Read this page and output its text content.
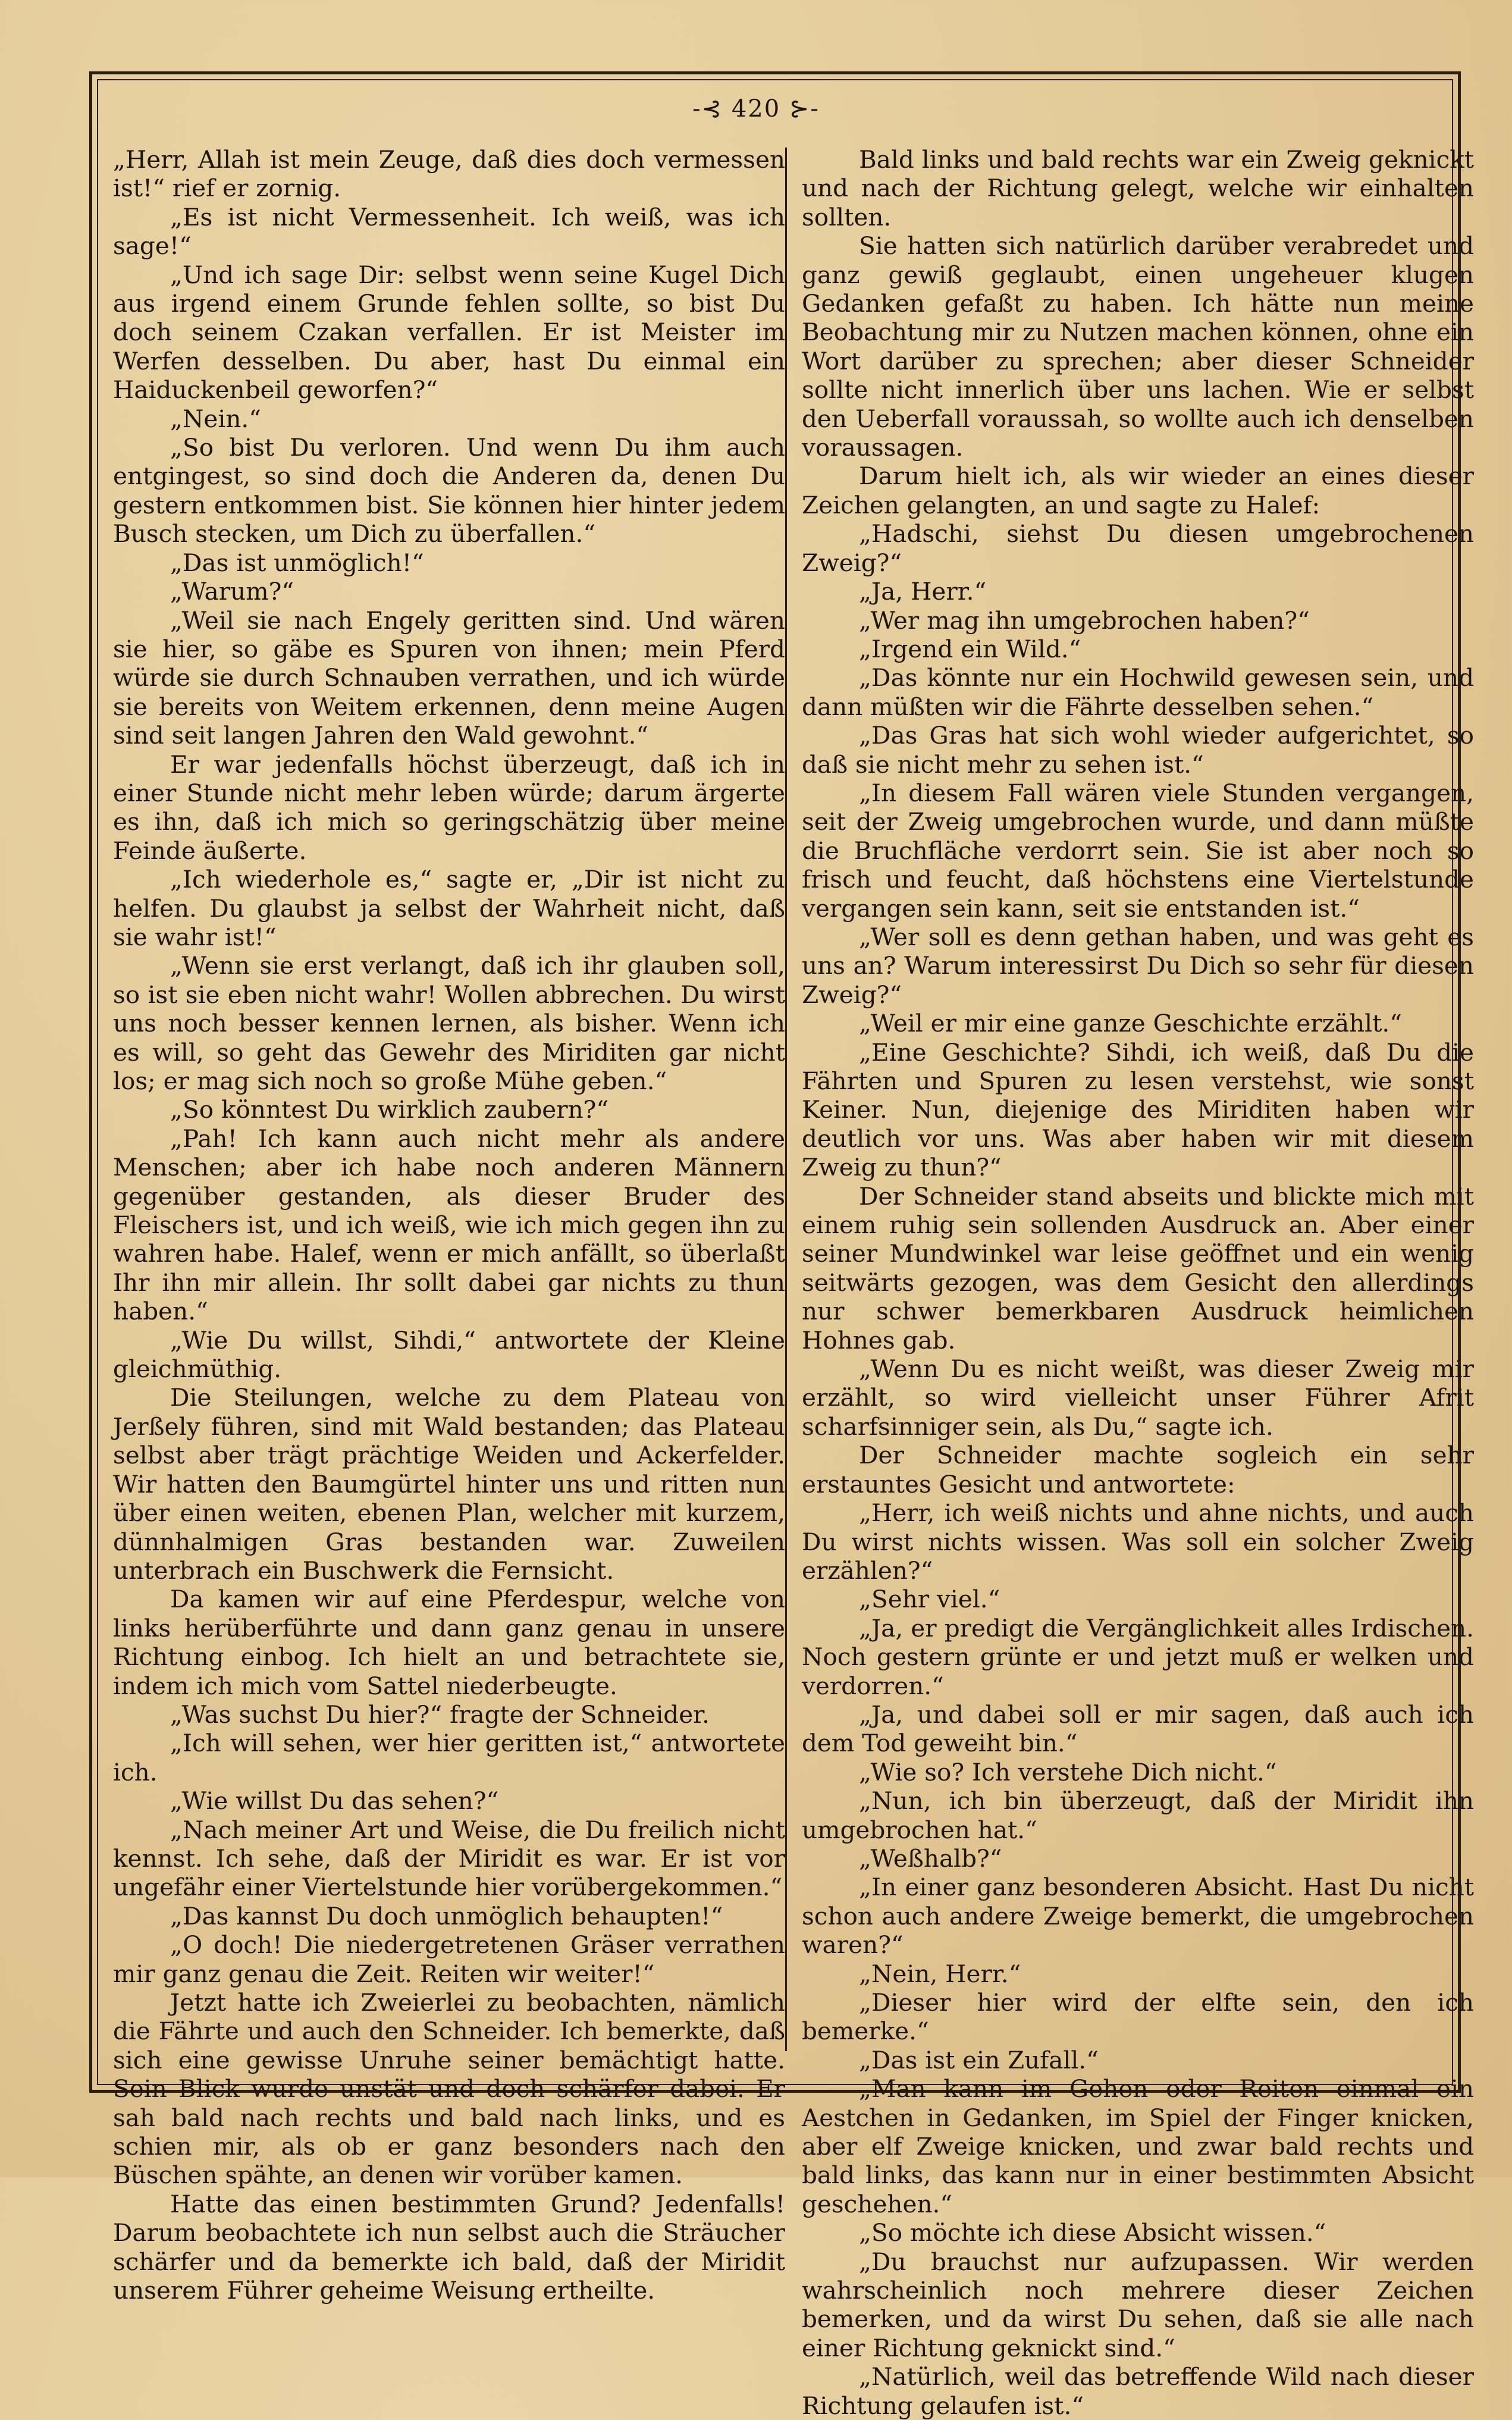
-⊰ 420 ⊱-

„Herr, Allah ist mein Zeuge, daß dies doch vermessen ist!“ rief er zornig.

„Es ist nicht Vermessenheit. Ich weiß, was ich sage!“

„Und ich sage Dir: selbst wenn seine Kugel Dich aus irgend einem Grunde fehlen sollte, so bist Du doch seinem Czakan verfallen. Er ist Meister im Werfen desselben. Du aber, hast Du einmal ein Haiduckenbeil geworfen?“

„Nein.“

„So bist Du verloren. Und wenn Du ihm auch entgingest, so sind doch die Anderen da, denen Du gestern entkommen bist. Sie können hier hinter jedem Busch stecken, um Dich zu überfallen.“

„Das ist unmöglich!“

„Warum?“

„Weil sie nach Engely geritten sind. Und wären sie hier, so gäbe es Spuren von ihnen; mein Pferd würde sie durch Schnauben verrathen, und ich würde sie bereits von Weitem erkennen, denn meine Augen sind seit langen Jahren den Wald gewohnt.“

Er war jedenfalls höchst überzeugt, daß ich in einer Stunde nicht mehr leben würde; darum ärgerte es ihn, daß ich mich so geringschätzig über meine Feinde äußerte.

„Ich wiederhole es,“ sagte er, „Dir ist nicht zu helfen. Du glaubst ja selbst der Wahrheit nicht, daß sie wahr ist!“

„Wenn sie erst verlangt, daß ich ihr glauben soll, so ist sie eben nicht wahr! Wollen abbrechen. Du wirst uns noch besser kennen lernen, als bisher. Wenn ich es will, so geht das Gewehr des Miriditen gar nicht los; er mag sich noch so große Mühe geben.“

„So könntest Du wirklich zaubern?“

„Pah! Ich kann auch nicht mehr als andere Menschen; aber ich habe noch anderen Männern gegenüber gestanden, als dieser Bruder des Fleischers ist, und ich weiß, wie ich mich gegen ihn zu wahren habe. Halef, wenn er mich anfällt, so überlaßt Ihr ihn mir allein. Ihr sollt dabei gar nichts zu thun haben.“

„Wie Du willst, Sihdi,“ antwortete der Kleine gleichmüthig.

Die Steilungen, welche zu dem Plateau von Jerßely führen, sind mit Wald bestanden; das Plateau selbst aber trägt prächtige Weiden und Ackerfelder. Wir hatten den Baumgürtel hinter uns und ritten nun über einen weiten, ebenen Plan, welcher mit kurzem, dünnhalmigen Gras bestanden war. Zuweilen unterbrach ein Buschwerk die Fernsicht.

Da kamen wir auf eine Pferdespur, welche von links herüberführte und dann ganz genau in unsere Richtung einbog. Ich hielt an und betrachtete sie, indem ich mich vom Sattel niederbeugte.

„Was suchst Du hier?“ fragte der Schneider.

„Ich will sehen, wer hier geritten ist,“ antwortete ich.

„Wie willst Du das sehen?“

„Nach meiner Art und Weise, die Du freilich nicht kennst. Ich sehe, daß der Miridit es war. Er ist vor ungefähr einer Viertelstunde hier vorübergekommen.“

„Das kannst Du doch unmöglich behaupten!“

„O doch! Die niedergetretenen Gräser verrathen mir ganz genau die Zeit. Reiten wir weiter!“

Jetzt hatte ich Zweierlei zu beobachten, nämlich die Fährte und auch den Schneider. Ich bemerkte, daß sich eine gewisse Unruhe seiner bemächtigt hatte. Sein Blick wurde unstät und doch schärfer dabei. Er sah bald nach rechts und bald nach links, und es schien mir, als ob er ganz besonders nach den Büschen spähte, an denen wir vorüber kamen.

Hatte das einen bestimmten Grund? Jedenfalls! Darum beobachtete ich nun selbst auch die Sträucher schärfer und da bemerkte ich bald, daß der Miridit unserem Führer geheime Weisung ertheilte.

Bald links und bald rechts war ein Zweig geknickt und nach der Richtung gelegt, welche wir einhalten sollten.

Sie hatten sich natürlich darüber verabredet und ganz gewiß geglaubt, einen ungeheuer klugen Gedanken gefaßt zu haben. Ich hätte nun meine Beobachtung mir zu Nutzen machen können, ohne ein Wort darüber zu sprechen; aber dieser Schneider sollte nicht innerlich über uns lachen. Wie er selbst den Ueberfall voraussah, so wollte auch ich denselben voraussagen.

Darum hielt ich, als wir wieder an eines dieser Zeichen gelangten, an und sagte zu Halef:

„Hadschi, siehst Du diesen umgebrochenen Zweig?“

„Ja, Herr.“

„Wer mag ihn umgebrochen haben?“

„Irgend ein Wild.“

„Das könnte nur ein Hochwild gewesen sein, und dann müßten wir die Fährte desselben sehen.“

„Das Gras hat sich wohl wieder aufgerichtet, so daß sie nicht mehr zu sehen ist.“

„In diesem Fall wären viele Stunden vergangen, seit der Zweig umgebrochen wurde, und dann müßte die Bruchfläche verdorrt sein. Sie ist aber noch so frisch und feucht, daß höchstens eine Viertelstunde vergangen sein kann, seit sie entstanden ist.“

„Wer soll es denn gethan haben, und was geht es uns an? Warum interessirst Du Dich so sehr für diesen Zweig?“

„Weil er mir eine ganze Geschichte erzählt.“

„Eine Geschichte? Sihdi, ich weiß, daß Du die Fährten und Spuren zu lesen verstehst, wie sonst Keiner. Nun, diejenige des Miriditen haben wir deutlich vor uns. Was aber haben wir mit diesem Zweig zu thun?“

Der Schneider stand abseits und blickte mich mit einem ruhig sein sollenden Ausdruck an. Aber einer seiner Mundwinkel war leise geöffnet und ein wenig seitwärts gezogen, was dem Gesicht den allerdings nur schwer bemerkbaren Ausdruck heimlichen Hohnes gab.

„Wenn Du es nicht weißt, was dieser Zweig mir erzählt, so wird vielleicht unser Führer Afrit scharfsinniger sein, als Du,“ sagte ich.

Der Schneider machte sogleich ein sehr erstauntes Gesicht und antwortete:

„Herr, ich weiß nichts und ahne nichts, und auch Du wirst nichts wissen. Was soll ein solcher Zweig erzählen?“

„Sehr viel.“

„Ja, er predigt die Vergänglichkeit alles Irdischen. Noch gestern grünte er und jetzt muß er welken und verdorren.“

„Ja, und dabei soll er mir sagen, daß auch ich dem Tod geweiht bin.“

„Wie so? Ich verstehe Dich nicht.“

„Nun, ich bin überzeugt, daß der Miridit ihn umgebrochen hat.“

„Weßhalb?“

„In einer ganz besonderen Absicht. Hast Du nicht schon auch andere Zweige bemerkt, die umgebrochen waren?“

„Nein, Herr.“

„Dieser hier wird der elfte sein, den ich bemerke.“

„Das ist ein Zufall.“

„Man kann im Gehen oder Reiten einmal ein Aestchen in Gedanken, im Spiel der Finger knicken, aber elf Zweige knicken, und zwar bald rechts und bald links, das kann nur in einer bestimmten Absicht geschehen.“

„So möchte ich diese Absicht wissen.“

„Du brauchst nur aufzupassen. Wir werden wahrscheinlich noch mehrere dieser Zeichen bemerken, und da wirst Du sehen, daß sie alle nach einer Richtung geknickt sind.“

„Natürlich, weil das betreffende Wild nach dieser Richtung gelaufen ist.“
